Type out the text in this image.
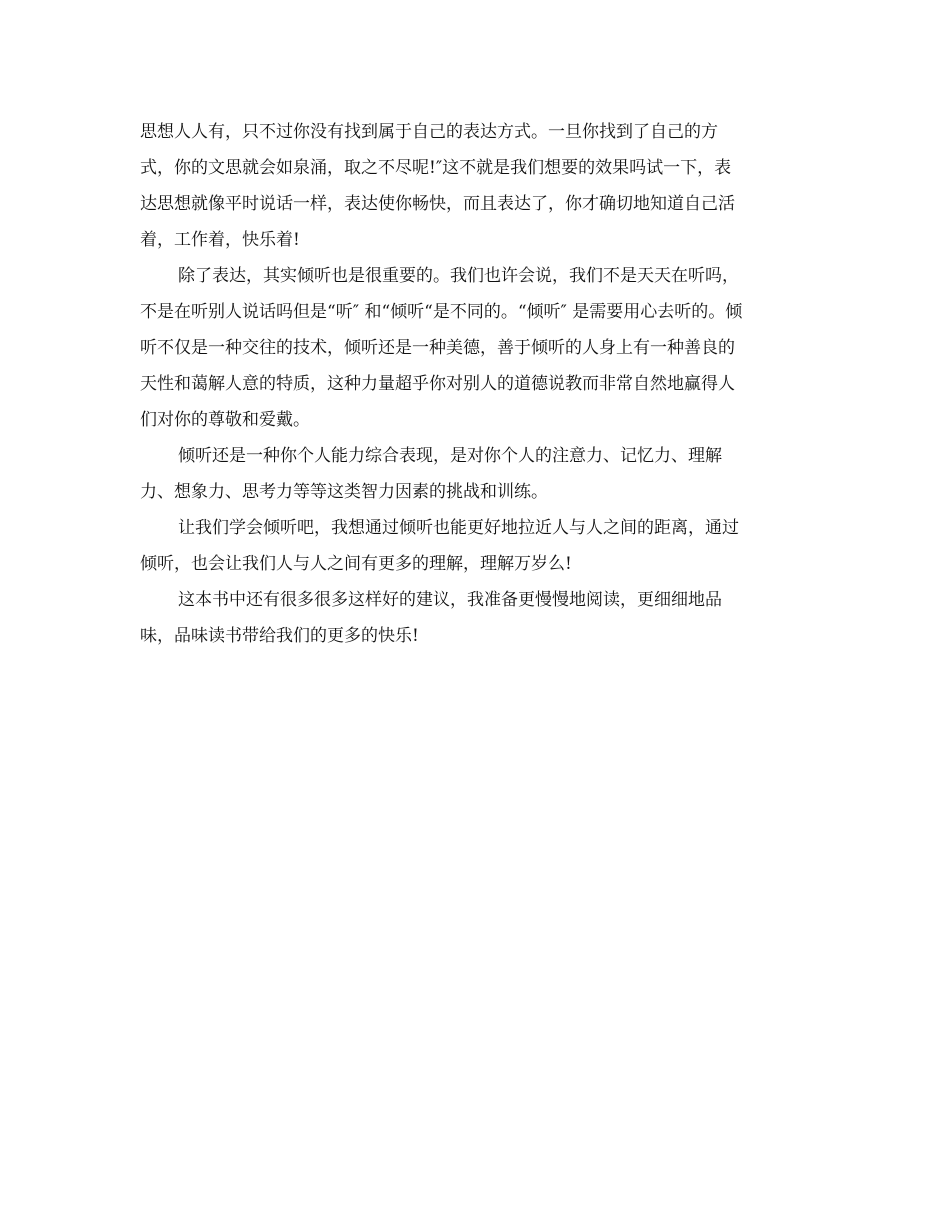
思想人人有，只不过你没有找到属于自己的表达方式。一旦你找到了自己的方
式，你的文思就会如泉涌，取之不尽呢!″这不就是我们想要的效果吗试一下，表
达思想就像平时说话一样，表达使你畅快，而且表达了，你才确切地知道自己活
着，工作着，快乐着!
除了表达，其实倾听也是很重要的。我们也许会说，我们不是天天在听吗，
不是在听别人说话吗但是“听″ 和“倾听“是不同的。“倾听″ 是需要用心去听的。倾
听不仅是一种交往的技术，倾听还是一种美德，善于倾听的人身上有一种善良的
天性和蔼解人意的特质，这种力量超乎你对别人的道德说教而非常自然地赢得人
们对你的尊敬和爱戴。
倾听还是一种你个人能力综合表现，是对你个人的注意力、记忆力、理解
力、想象力、思考力等等这类智力因素的挑战和训练。
让我们学会倾听吧，我想通过倾听也能更好地拉近人与人之间的距离，通过
倾听，也会让我们人与人之间有更多的理解，理解万岁么!
这本书中还有很多很多这样好的建议，我准备更慢慢地阅读，更细细地品
味，品味读书带给我们的更多的快乐!
